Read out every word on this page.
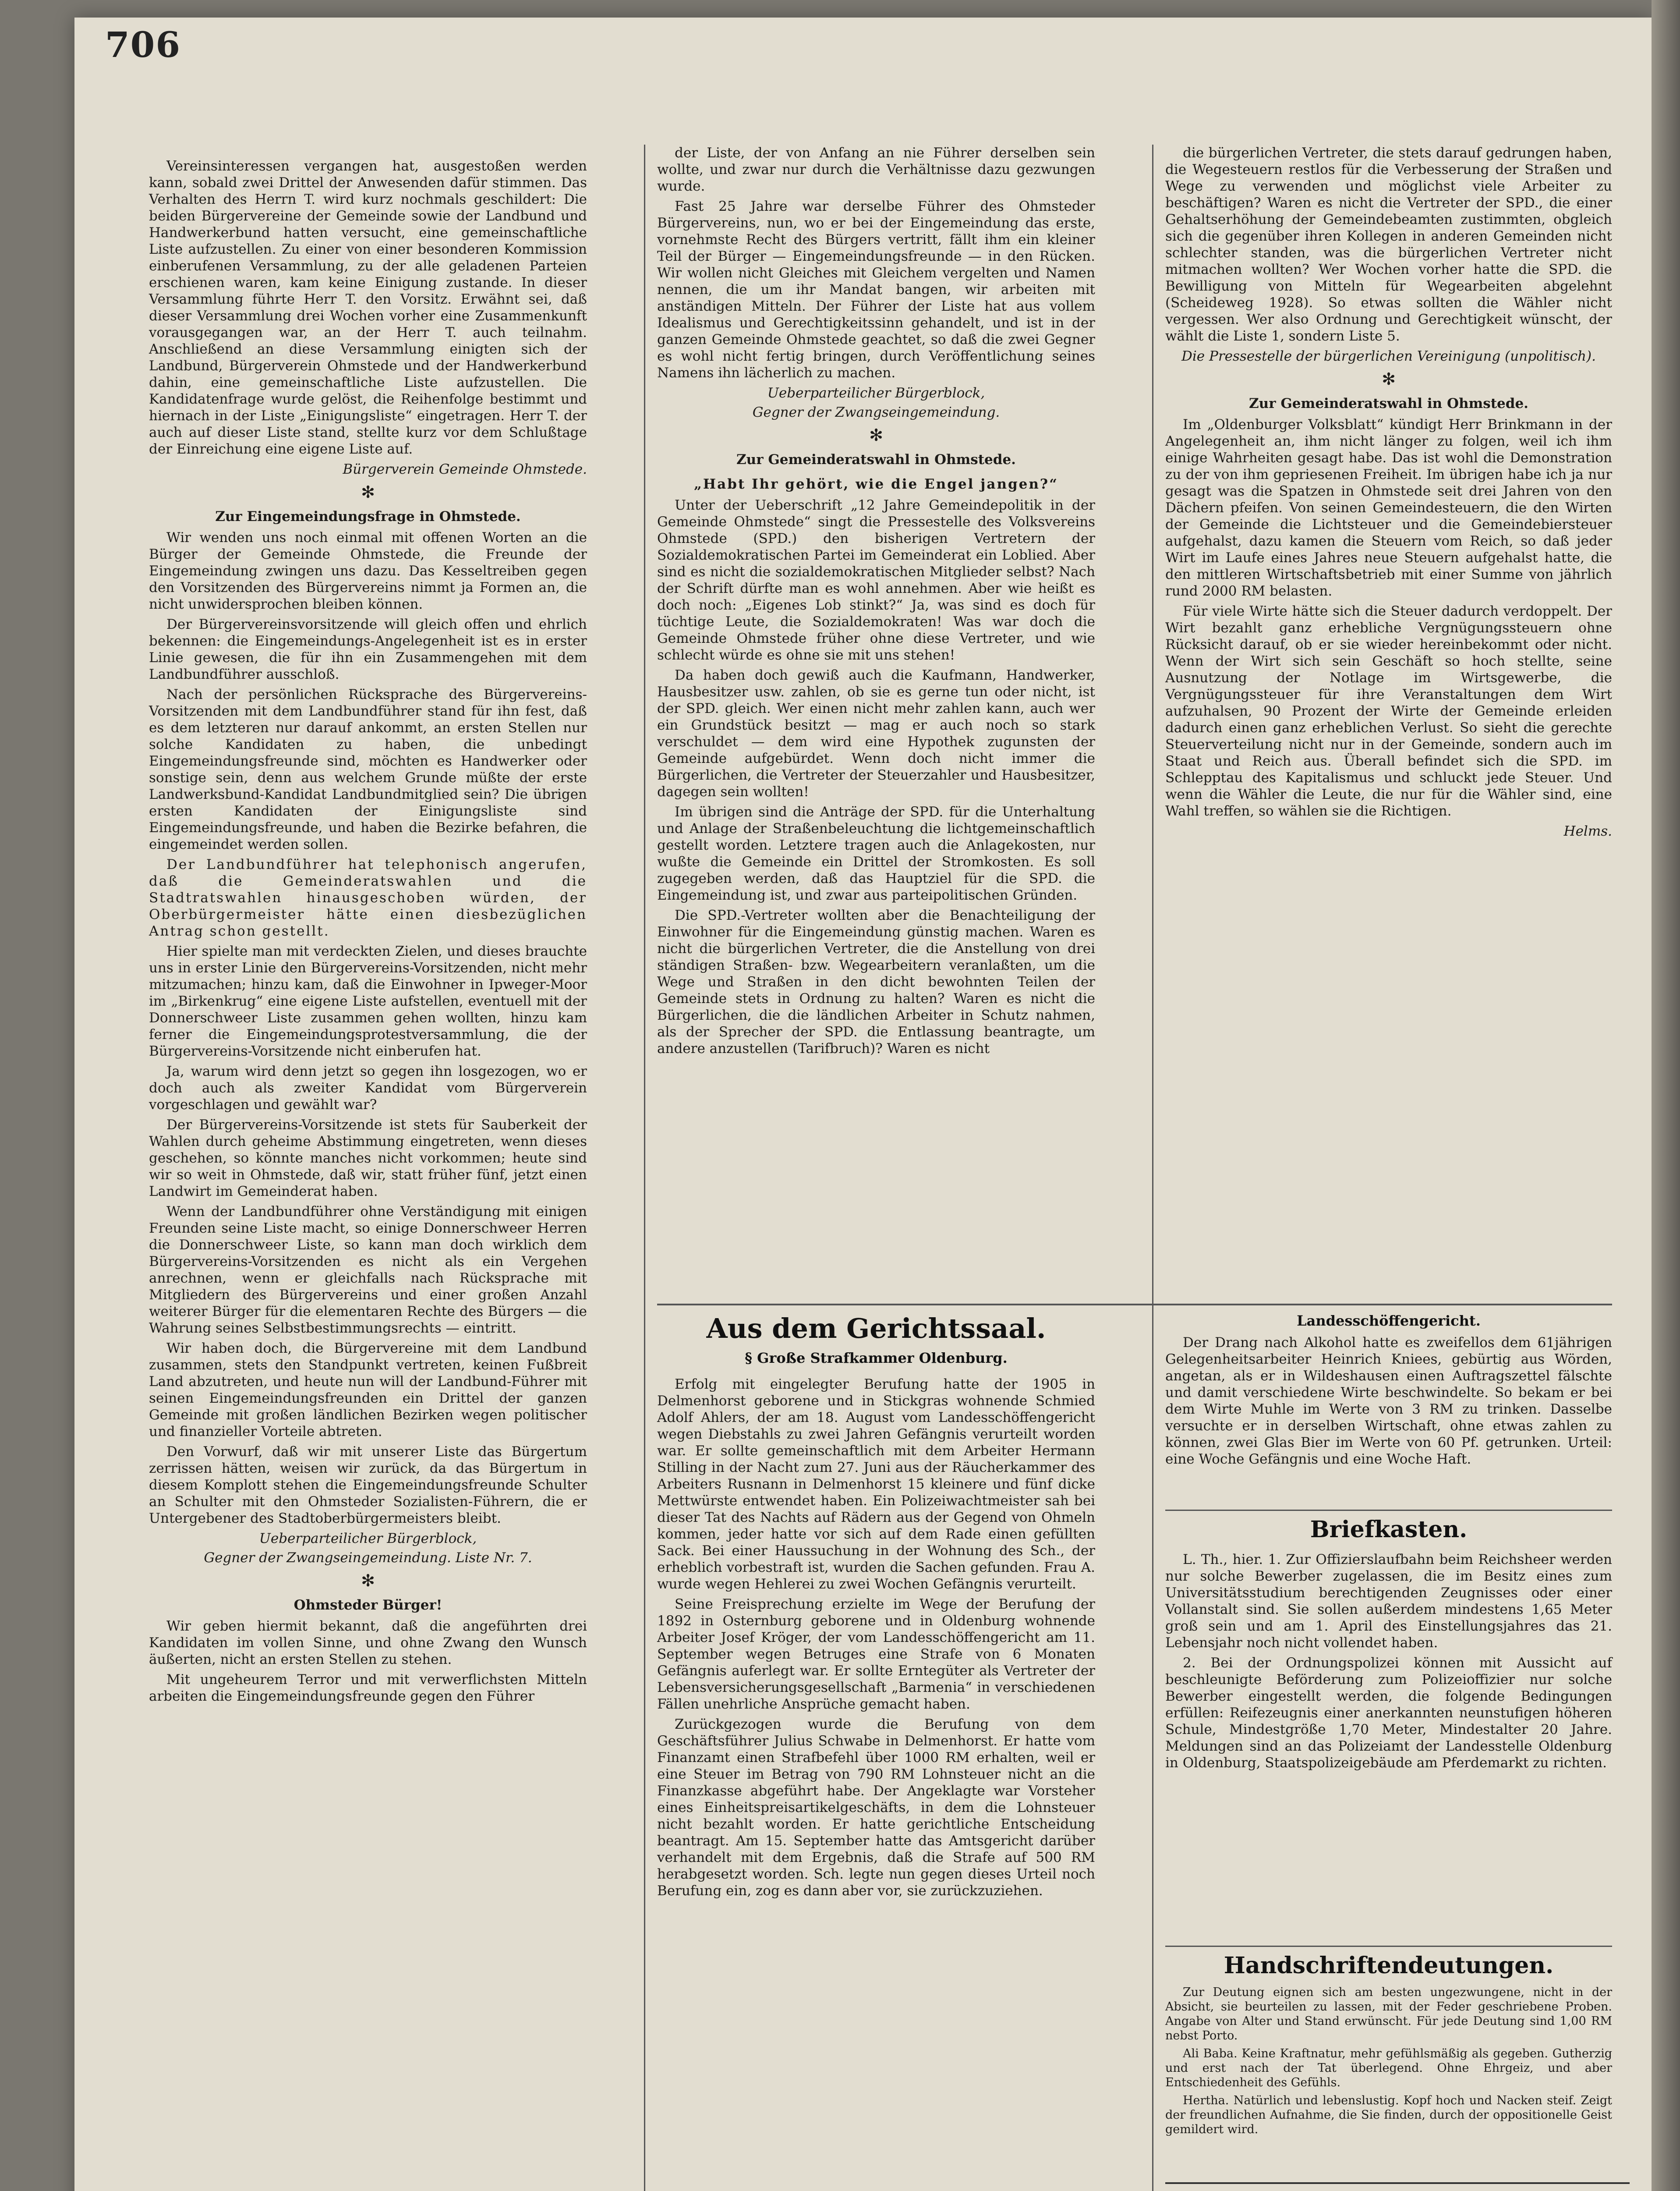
706

Vereinsinteressen vergangen hat, ausgestoßen werden kann, sobald zwei Drittel der Anwesenden dafür stimmen. Das Verhalten des Herrn T. wird kurz nochmals geschildert: Die beiden Bürgervereine der Gemeinde sowie der Landbund und Handwerkerbund hatten versucht, eine gemeinschaftliche Liste aufzustellen. Zu einer von einer besonderen Kommission einberufenen Versammlung, zu der alle geladenen Parteien erschienen waren, kam keine Einigung zustande. In dieser Versammlung führte Herr T. den Vorsitz. Erwähnt sei, daß dieser Versammlung drei Wochen vorher eine Zusammenkunft vorausgegangen war, an der Herr T. auch teilnahm. Anschließend an diese Versammlung einigten sich der Landbund, Bürgerverein Ohmstede und der Handwerkerbund dahin, eine gemeinschaftliche Liste aufzustellen. Die Kandidatenfrage wurde gelöst, die Reihenfolge bestimmt und hiernach in der Liste „Einigungsliste“ eingetragen. Herr T. der auch auf dieser Liste stand, stellte kurz vor dem Schlußtage der Einreichung eine eigene Liste auf.

Bürgerverein Gemeinde Ohmstede.

✻

Zur Eingemeindungsfrage in Ohmstede.

Wir wenden uns noch einmal mit offenen Worten an die Bürger der Gemeinde Ohmstede, die Freunde der Eingemeindung zwingen uns dazu. Das Kesseltreiben gegen den Vorsitzenden des Bürgervereins nimmt ja Formen an, die nicht unwidersprochen bleiben können.

Der Bürgervereinsvorsitzende will gleich offen und ehrlich bekennen: die Eingemeindungs-Angelegenheit ist es in erster Linie gewesen, die für ihn ein Zusammengehen mit dem Landbundführer ausschloß.

Nach der persönlichen Rücksprache des Bürgervereins-Vorsitzenden mit dem Landbundführer stand für ihn fest, daß es dem letzteren nur darauf ankommt, an ersten Stellen nur solche Kandidaten zu haben, die unbedingt Eingemeindungsfreunde sind, möchten es Handwerker oder sonstige sein, denn aus welchem Grunde müßte der erste Landwerksbund-Kandidat Landbundmitglied sein? Die übrigen ersten Kandidaten der Einigungsliste sind Eingemeindungsfreunde, und haben die Bezirke befahren, die eingemeindet werden sollen.

Der Landbundführer hat telephonisch angerufen, daß die Gemeinderatswahlen und die Stadtratswahlen hinausgeschoben würden, der Oberbürgermeister hätte einen diesbezüglichen Antrag schon gestellt.

Hier spielte man mit verdeckten Zielen, und dieses brauchte uns in erster Linie den Bürgervereins-Vorsitzenden, nicht mehr mitzumachen; hinzu kam, daß die Einwohner in Ipweger-Moor im „Birkenkrug“ eine eigene Liste aufstellen, eventuell mit der Donnerschweer Liste zusammen gehen wollten, hinzu kam ferner die Eingemeindungsprotestversammlung, die der Bürgervereins-Vorsitzende nicht einberufen hat.

Ja, warum wird denn jetzt so gegen ihn losgezogen, wo er doch auch als zweiter Kandidat vom Bürgerverein vorgeschlagen und gewählt war?

Der Bürgervereins-Vorsitzende ist stets für Sauberkeit der Wahlen durch geheime Abstimmung eingetreten, wenn dieses geschehen, so könnte manches nicht vorkommen; heute sind wir so weit in Ohmstede, daß wir, statt früher fünf, jetzt einen Landwirt im Gemeinderat haben.

Wenn der Landbundführer ohne Verständigung mit einigen Freunden seine Liste macht, so einige Donnerschweer Herren die Donnerschweer Liste, so kann man doch wirklich dem Bürgervereins-Vorsitzenden es nicht als ein Vergehen anrechnen, wenn er gleichfalls nach Rücksprache mit Mitgliedern des Bürgervereins und einer großen Anzahl weiterer Bürger für die elementaren Rechte des Bürgers — die Wahrung seines Selbstbestimmungsrechts — eintritt.

Wir haben doch, die Bürgervereine mit dem Landbund zusammen, stets den Standpunkt vertreten, keinen Fußbreit Land abzutreten, und heute nun will der Landbund-Führer mit seinen Eingemeindungsfreunden ein Drittel der ganzen Gemeinde mit großen ländlichen Bezirken wegen politischer und finanzieller Vorteile abtreten.

Den Vorwurf, daß wir mit unserer Liste das Bürgertum zerrissen hätten, weisen wir zurück, da das Bürgertum in diesem Komplott stehen die Eingemeindungsfreunde Schulter an Schulter mit den Ohmsteder Sozialisten-Führern, die er Untergebener des Stadtoberbürgermeisters bleibt.

Ueberparteilicher Bürgerblock,

Gegner der Zwangseingemeindung. Liste Nr. 7.

✻

Ohmsteder Bürger!

Wir geben hiermit bekannt, daß die angeführten drei Kandidaten im vollen Sinne, und ohne Zwang den Wunsch äußerten, nicht an ersten Stellen zu stehen.

Mit ungeheurem Terror und mit verwerflichsten Mitteln arbeiten die Eingemeindungsfreunde gegen den Führer

der Liste, der von Anfang an nie Führer derselben sein wollte, und zwar nur durch die Verhältnisse dazu gezwungen wurde.

Fast 25 Jahre war derselbe Führer des Ohmsteder Bürgervereins, nun, wo er bei der Eingemeindung das erste, vornehmste Recht des Bürgers vertritt, fällt ihm ein kleiner Teil der Bürger — Eingemeindungsfreunde — in den Rücken. Wir wollen nicht Gleiches mit Gleichem vergelten und Namen nennen, die um ihr Mandat bangen, wir arbeiten mit anständigen Mitteln. Der Führer der Liste hat aus vollem Idealismus und Gerechtigkeitssinn gehandelt, und ist in der ganzen Gemeinde Ohmstede geachtet, so daß die zwei Gegner es wohl nicht fertig bringen, durch Veröffentlichung seines Namens ihn lächerlich zu machen.

Ueberparteilicher Bürgerblock,

Gegner der Zwangseingemeindung.

✻

Zur Gemeinderatswahl in Ohmstede.

„Habt Ihr gehört, wie die Engel jangen?“

Unter der Ueberschrift „12 Jahre Gemeindepolitik in der Gemeinde Ohmstede“ singt die Pressestelle des Volksvereins Ohmstede (SPD.) den bisherigen Vertretern der Sozialdemokratischen Partei im Gemeinderat ein Loblied. Aber sind es nicht die sozialdemokratischen Mitglieder selbst? Nach der Schrift dürfte man es wohl annehmen. Aber wie heißt es doch noch: „Eigenes Lob stinkt?“ Ja, was sind es doch für tüchtige Leute, die Sozialdemokraten! Was war doch die Gemeinde Ohmstede früher ohne diese Vertreter, und wie schlecht würde es ohne sie mit uns stehen!

Da haben doch gewiß auch die Kaufmann, Handwerker, Hausbesitzer usw. zahlen, ob sie es gerne tun oder nicht, ist der SPD. gleich. Wer einen nicht mehr zahlen kann, auch wer ein Grundstück besitzt — mag er auch noch so stark verschuldet — dem wird eine Hypothek zugunsten der Gemeinde aufgebürdet. Wenn doch nicht immer die Bürgerlichen, die Vertreter der Steuerzahler und Hausbesitzer, dagegen sein wollten!

Im übrigen sind die Anträge der SPD. für die Unterhaltung und Anlage der Straßenbeleuchtung die lichtgemeinschaftlich gestellt worden. Letztere tragen auch die Anlagekosten, nur wußte die Gemeinde ein Drittel der Stromkosten. Es soll zugegeben werden, daß das Hauptziel für die SPD. die Eingemeindung ist, und zwar aus parteipolitischen Gründen.

Die SPD.-Vertreter wollten aber die Benachteiligung der Einwohner für die Eingemeindung günstig machen. Waren es nicht die bürgerlichen Vertreter, die die Anstellung von drei ständigen Straßen- bzw. Wegearbeitern veranlaßten, um die Wege und Straßen in den dicht bewohnten Teilen der Gemeinde stets in Ordnung zu halten? Waren es nicht die Bürgerlichen, die die ländlichen Arbeiter in Schutz nahmen, als der Sprecher der SPD. die Entlassung beantragte, um andere anzustellen (Tarifbruch)? Waren es nicht

die bürgerlichen Vertreter, die stets darauf gedrungen haben, die Wegesteuern restlos für die Verbesserung der Straßen und Wege zu verwenden und möglichst viele Arbeiter zu beschäftigen? Waren es nicht die Vertreter der SPD., die einer Gehaltserhöhung der Gemeindebeamten zustimmten, obgleich sich die gegenüber ihren Kollegen in anderen Gemeinden nicht schlechter standen, was die bürgerlichen Vertreter nicht mitmachen wollten? Wer Wochen vorher hatte die SPD. die Bewilligung von Mitteln für Wegearbeiten abgelehnt (Scheideweg 1928). So etwas sollten die Wähler nicht vergessen. Wer also Ordnung und Gerechtigkeit wünscht, der wählt die Liste 1, sondern Liste 5.

Die Pressestelle der bürgerlichen Vereinigung (unpolitisch).

✻

Zur Gemeinderatswahl in Ohmstede.

Im „Oldenburger Volksblatt“ kündigt Herr Brinkmann in der Angelegenheit an, ihm nicht länger zu folgen, weil ich ihm einige Wahrheiten gesagt habe. Das ist wohl die Demonstration zu der von ihm gepriesenen Freiheit. Im übrigen habe ich ja nur gesagt was die Spatzen in Ohmstede seit drei Jahren von den Dächern pfeifen. Von seinen Gemeindesteuern, die den Wirten der Gemeinde die Lichtsteuer und die Gemeindebiersteuer aufgehalst, dazu kamen die Steuern vom Reich, so daß jeder Wirt im Laufe eines Jahres neue Steuern aufgehalst hatte, die den mittleren Wirtschaftsbetrieb mit einer Summe von jährlich rund 2000 RM belasten.

Für viele Wirte hätte sich die Steuer dadurch verdoppelt. Der Wirt bezahlt ganz erhebliche Vergnügungssteuern ohne Rücksicht darauf, ob er sie wieder hereinbekommt oder nicht. Wenn der Wirt sich sein Geschäft so hoch stellte, seine Ausnutzung der Notlage im Wirtsgewerbe, die Vergnügungssteuer für ihre Veranstaltungen dem Wirt aufzuhalsen, 90 Prozent der Wirte der Gemeinde erleiden dadurch einen ganz erheblichen Verlust. So sieht die gerechte Steuerverteilung nicht nur in der Gemeinde, sondern auch im Staat und Reich aus. Überall befindet sich die SPD. im Schlepptau des Kapitalismus und schluckt jede Steuer. Und wenn die Wähler die Leute, die nur für die Wähler sind, eine Wahl treffen, so wählen sie die Richtigen.

Helms.

Aus dem Gerichtssaal.
§ Große Strafkammer Oldenburg.

Erfolg mit eingelegter Berufung hatte der 1905 in Delmenhorst geborene und in Stickgras wohnende Schmied Adolf Ahlers, der am 18. August vom Landesschöffengericht wegen Diebstahls zu zwei Jahren Gefängnis verurteilt worden war. Er sollte gemeinschaftlich mit dem Arbeiter Hermann Stilling in der Nacht zum 27. Juni aus der Räucherkammer des Arbeiters Rusnann in Delmenhorst 15 kleinere und fünf dicke Mettwürste entwendet haben. Ein Polizeiwachtmeister sah bei dieser Tat des Nachts auf Rädern aus der Gegend von Ohmeln kommen, jeder hatte vor sich auf dem Rade einen gefüllten Sack. Bei einer Haussuchung in der Wohnung des Sch., der erheblich vorbestraft ist, wurden die Sachen gefunden. Frau A. wurde wegen Hehlerei zu zwei Wochen Gefängnis verurteilt.

Seine Freisprechung erzielte im Wege der Berufung der 1892 in Osternburg geborene und in Oldenburg wohnende Arbeiter Josef Kröger, der vom Landesschöffengericht am 11. September wegen Betruges eine Strafe von 6 Monaten Gefängnis auferlegt war. Er sollte Erntegüter als Vertreter der Lebensversicherungsgesellschaft „Barmenia“ in verschiedenen Fällen unehrliche Ansprüche gemacht haben.

Zurückgezogen wurde die Berufung von dem Geschäftsführer Julius Schwabe in Delmenhorst. Er hatte vom Finanzamt einen Strafbefehl über 1000 RM erhalten, weil er eine Steuer im Betrag von 790 RM Lohnsteuer nicht an die Finanzkasse abgeführt habe. Der Angeklagte war Vorsteher eines Einheitspreisartikelgeschäfts, in dem die Lohnsteuer nicht bezahlt worden. Er hatte gerichtliche Entscheidung beantragt. Am 15. September hatte das Amtsgericht darüber verhandelt mit dem Ergebnis, daß die Strafe auf 500 RM herabgesetzt worden. Sch. legte nun gegen dieses Urteil noch Berufung ein, zog es dann aber vor, sie zurückzuziehen.

Landesschöffengericht.

Der Drang nach Alkohol hatte es zweifellos dem 61jährigen Gelegenheitsarbeiter Heinrich Kniees, gebürtig aus Wörden, angetan, als er in Wildeshausen einen Auftragszettel fälschte und damit verschiedene Wirte beschwindelte. So bekam er bei dem Wirte Muhle im Werte von 3 RM zu trinken. Dasselbe versuchte er in derselben Wirtschaft, ohne etwas zahlen zu können, zwei Glas Bier im Werte von 60 Pf. getrunken. Urteil: eine Woche Gefängnis und eine Woche Haft.

Briefkasten.

L. Th., hier. 1. Zur Offizierslaufbahn beim Reichsheer werden nur solche Bewerber zugelassen, die im Besitz eines zum Universitätsstudium berechtigenden Zeugnisses oder einer Vollanstalt sind. Sie sollen außerdem mindestens 1,65 Meter groß sein und am 1. April des Einstellungsjahres das 21. Lebensjahr noch nicht vollendet haben.

2. Bei der Ordnungspolizei können mit Aussicht auf beschleunigte Beförderung zum Polizeioffizier nur solche Bewerber eingestellt werden, die folgende Bedingungen erfüllen: Reifezeugnis einer anerkannten neunstufigen höheren Schule, Mindestgröße 1,70 Meter, Mindestalter 20 Jahre. Meldungen sind an das Polizeiamt der Landesstelle Oldenburg in Oldenburg, Staatspolizeigebäude am Pferdemarkt zu richten.

Handschriftendeutungen.

Zur Deutung eignen sich am besten ungezwungene, nicht in der Absicht, sie beurteilen zu lassen, mit der Feder geschriebene Proben. Angabe von Alter und Stand erwünscht. Für jede Deutung sind 1,00 RM nebst Porto.

Ali Baba. Keine Kraftnatur, mehr gefühlsmäßig als gegeben. Gutherzig und erst nach der Tat überlegend. Ohne Ehrgeiz, und aber Entschiedenheit des Gefühls.

Hertha. Natürlich und lebenslustig. Kopf hoch und Nacken steif. Zeigt der freundlichen Aufnahme, die Sie finden, durch der oppositionelle Geist gemildert wird.
